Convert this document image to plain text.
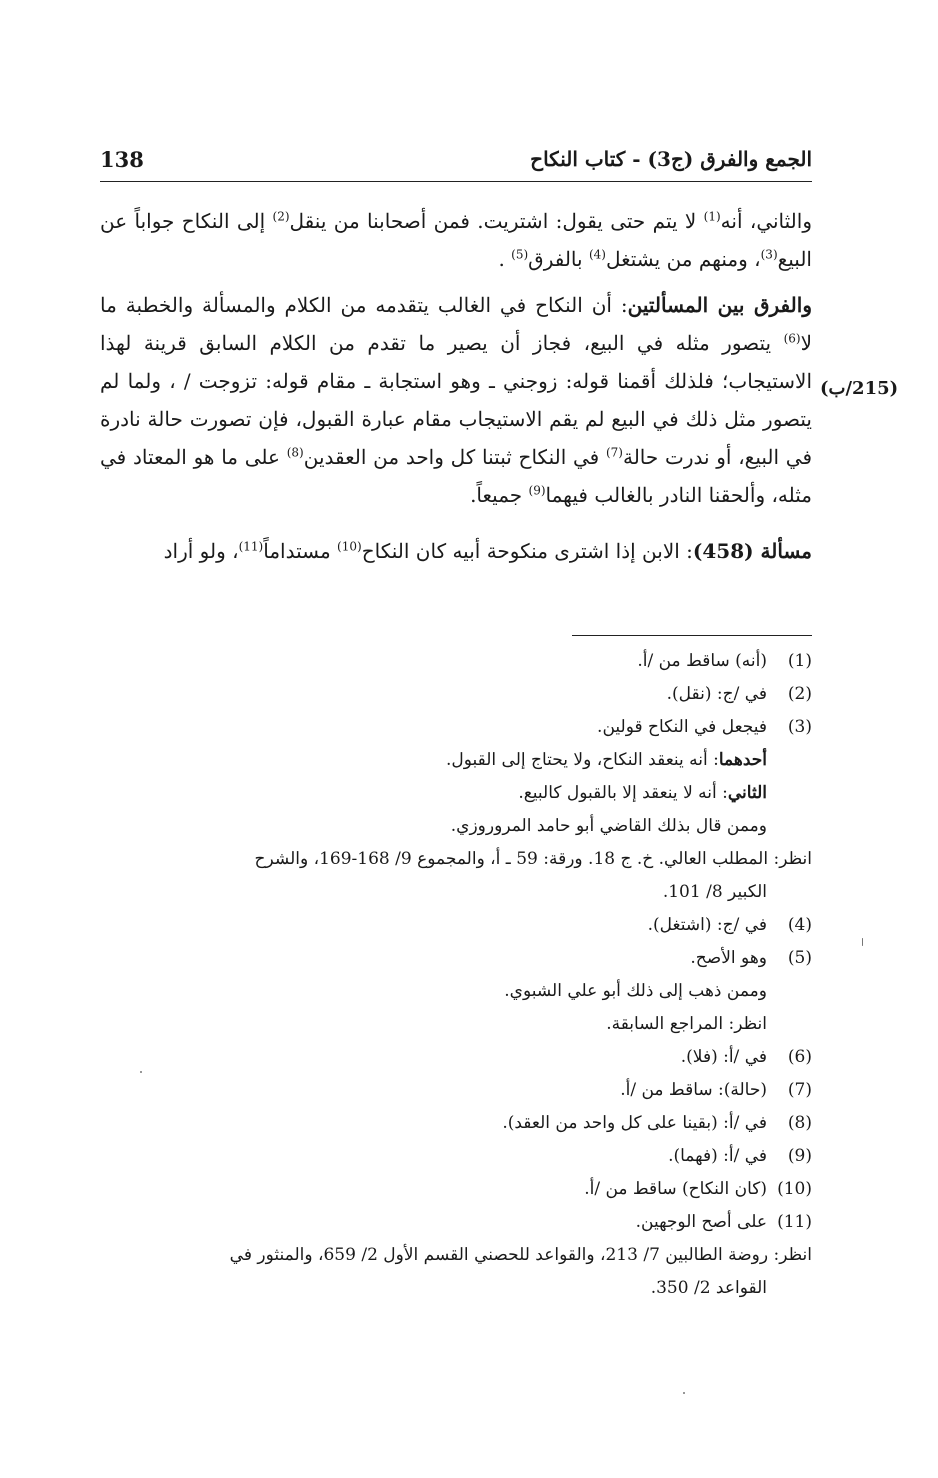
138	الجمع والفرق (ج3) - كتاب النكاح
(215/ب)

والثاني، أنه$^{(1)}$ لا يتم حتى يقول: اشتريت. فمن أصحابنا من ينقل$^{(2)}$ إلى النكاح جواباً عن البيع$^{(3)}$، ومنهم من يشتغل$^{(4)}$ بالفرق$^{(5)}$ .

والفرق بين المسألتين: أن النكاح في الغالب يتقدمه من الكلام والمسألة والخطبة ما لا$^{(6)}$ يتصور مثله في البيع، فجاز أن يصير ما تقدم من الكلام السابق قرينة لهذا الاستيجاب؛ فلذلك أقمنا قوله: زوجني ـ وهو استجابة ـ مقام قوله: تزوجت / ، ولما لم يتصور مثل ذلك في البيع لم يقم الاستيجاب مقام عبارة القبول، فإن تصورت حالة نادرة في البيع، أو ندرت حالة$^{(7)}$ في النكاح ثبتنا كل واحد من العقدين$^{(8)}$ على ما هو المعتاد في مثله، وألحقنا النادر بالغالب فيهما$^{(9)}$ جميعاً.

مسألة (458): الابن إذا اشترى منكوحة أبيه كان النكاح$^{(10)}$ مستداماً$^{(11)}$، ولو أراد

(1)
(أنه) ساقط من /أ.
(2)
في /ج: (نقل).
(3)
فيجعل في النكاح قولين.
أحدهما: أنه ينعقد النكاح، ولا يحتاج إلى القبول.
الثاني: أنه لا ينعقد إلا بالقبول كالبيع.
وممن قال بذلك القاضي أبو حامد المروروزي.
انظر: المطلب العالي. خ. ج 18. ورقة: 59 ـ أ، والمجموع 9/ 168-169، والشرح
الكبير 8/ 101.
(4)
في /ج: (اشتغل).
(5)
وهو الأصح.
وممن ذهب إلى ذلك أبو علي الشبوي.
انظر: المراجع السابقة.
(6)
في /أ: (فلا).
(7)
(حالة): ساقط من /أ.
(8)
في /أ: (بقينا على كل واحد من العقد).
(9)
في /أ: (فهما).
(10)
(كان النكاح) ساقط من /أ.
(11)
على أصح الوجهين.
انظر: روضة الطالبين 7/ 213، والقواعد للحصني القسم الأول 2/ 659، والمنثور في
القواعد 2/ 350.
